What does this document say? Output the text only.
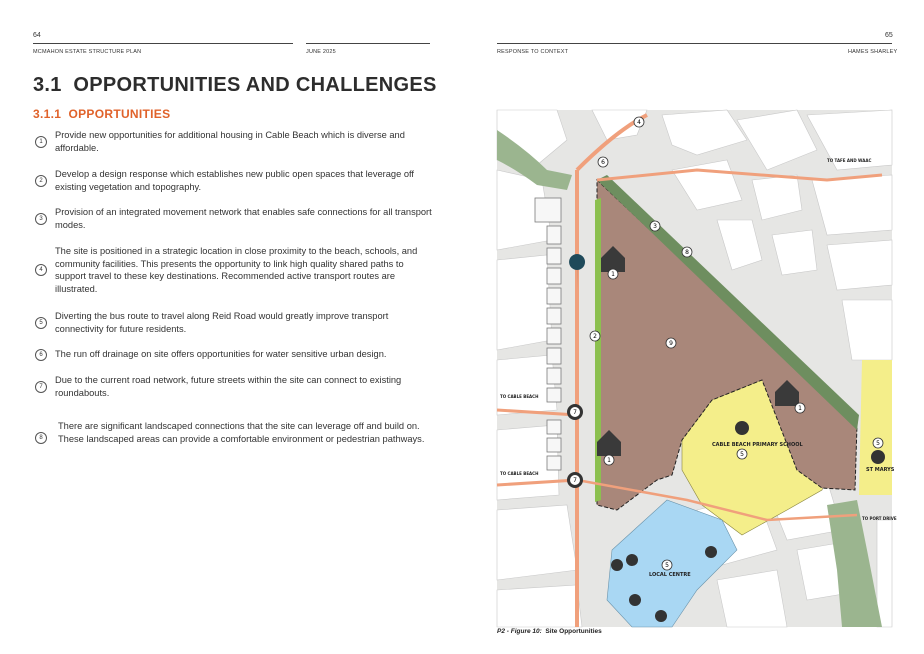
64
MCMAHON ESTATE STRUCTURE PLAN	JUNE 2025
65
RESPONSE TO CONTEXT	HAMES SHARLEY
3.1 OPPORTUNITIES AND CHALLENGES
3.1.1 OPPORTUNITIES
1
Provide new opportunities for additional housing in Cable Beach which is diverse and affordable.
2
Develop a design response which establishes new public open spaces that leverage off existing vegetation and topography.
3
Provision of an integrated movement network that enables safe connections for all transport modes.
4
The site is positioned in a strategic location in close proximity to the beach, schools, and community facilities. This presents the opportunity to link high quality shared paths to support travel to these key destinations. Recommended active transport routes are illustrated.
5
Diverting the bus route to travel along Reid Road would greatly improve transport connectivity for future residents.
6	The run off drainage on site offers opportunities for water sensitive urban design.
7
Due to the current road network, future streets within the site can connect to existing roundabouts.
8
There are significant landscaped connections that the site can leverage off and build on. These landscaped areas can provide a comfortable environment or pedestrian pathways.
4
6
3
8
2
9
7
7
5
5
5
1
1
1
CABLE BEACH PRIMARY SCHOOL
ST MARYS
LOCAL CENTRE
TO TAFE AND WAAC
TO CABLE BEACH
TO CABLE BEACH
TO PORT DRIVE
P2 - Figure 10: Site Opportunities
